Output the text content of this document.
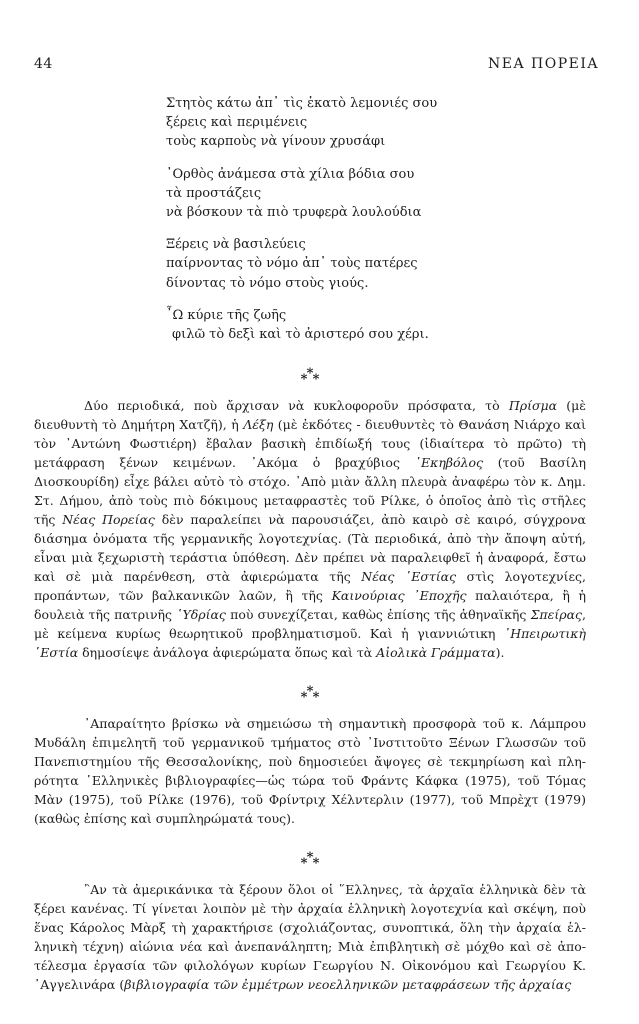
44	ΝΕΑ ΠΟΡΕΙΑ
Στητὸς κάτω ἀπ᾽ τὶς ἑκατὸ λεμονιές σου
ξέρεις καὶ περιμένεις
τοὺς καρποὺς νὰ γίνουν χρυσάφι
᾽Ορθὸς ἀνάμεσα στὰ χίλια βόδια σου
τὰ προστάζεις
νὰ βόσκουν τὰ πιὸ τρυφερὰ λουλούδια
Ξέρεις νὰ βασιλεύεις
παίρνοντας τὸ νόμο ἀπ᾽ τοὺς πατέρες
δίνοντας τὸ νόμο στοὺς γιούς.
῏Ω κύριε τῆς ζωῆς
φιλῶ τὸ δεξὶ καὶ τὸ ἀριστερό σου χέρι.
* * *

Δύο περιοδικά, ποὺ ἄρχισαν νὰ κυκλοφοροῦν πρόσφατα, τὸ Πρίσμα (μὲ διευθυντὴ τὸ Δημήτρη Χατζῆ), ἡ Λέξη (μὲ ἐκδότες - διευθυντὲς τὸ Θανάση Νιάρχο καὶ τὸν ᾽Αντώνη Φωστιέρη) ἔβαλαν βασικὴ ἐπιδίωξή τους (ἰδιαίτερα τὸ πρῶτο) τὴ μετάφραση ξένων κειμένων. ᾽Ακόμα ὁ βραχύβιος ῾Εκηβόλος (τοῦ Βασίλη Διοσκουρίδη) εἶχε βάλει αὐτὸ τὸ στόχο. ᾽Απὸ μιὰν ἄλλη πλευρὰ ἀναφέρω τὸν κ. Δημ. Στ. Δήμου, ἀπὸ τοὺς πιὸ δόκιμους μεταφραστὲς τοῦ Ρίλκε, ὁ ὁποῖος ἀπὸ τὶς στῆλες τῆς Νέας Πορείας δὲν παραλείπει νὰ παρουσιάζει, ἀπὸ καιρὸ σὲ καιρό, σύγχρονα διάσημα ὀνόματα τῆς γερμανικῆς λογοτεχνίας. (Τὰ περιοδικά, ἀπὸ τὴν ἄποψη αὐτή, εἶναι μιὰ ξεχωριστὴ τεράστια ὑπόθεση. Δὲν πρέπει νὰ παραλειφθεῖ ἡ ἀναφορά, ἔστω καὶ σὲ μιὰ παρένθεση, στὰ ἀφιερώματα τῆς Νέας ῾Εστίας στὶς λογοτεχνίες, προπάντων, τῶν βαλκανικῶν λαῶν, ἢ τῆς Καινούριας ᾽Εποχῆς παλαιότερα, ἢ ἡ δουλειὰ τῆς πατρινῆς ῾Υδρίας ποὺ συνεχίζεται, καθὼς ἐπίσης τῆς ἀθηναϊκῆς Σπείρας, μὲ κείμενα κυρίως θεωρητικοῦ προβληματισμοῦ. Καὶ ἡ γιαννιώτικη ᾽Ηπειρωτικὴ ῾Εστία δημοσίεψε ἀνάλογα ἀφιερώματα ὅπως καὶ τὰ Αἰολικὰ Γράμματα).

* * *

᾽Απαραίτητο βρίσκω νὰ σημειώσω τὴ σημαντικὴ προσφορὰ τοῦ κ. Λάμπρου Μυδάλη ἐπιμελητῆ τοῦ γερμανικοῦ τμήματος στὸ ᾽Ινστιτοῦτο Ξένων Γλωσσῶν τοῦ Πανεπιστημίου τῆς Θεσσαλονίκης, ποὺ δημοσιεύει ἄψογες σὲ τεκμηρίωση καὶ πληρότητα ῾Ελληνικὲς βιβλιογραφίες—ὡς τώρα τοῦ Φράντς Κάφκα (1975), τοῦ Τόμας Μὰν (1975), τοῦ Ρίλκε (1976), τοῦ Φρίντριχ Χέλντερλιν (1977), τοῦ Μπρὲχτ (1979) (καθὼς ἐπίσης καὶ συμπληρώματά τους).

* * *

῍Αν τὰ ἀμερικάνικα τὰ ξέρουν ὅλοι οἱ ῞Ελληνες, τὰ ἀρχαῖα ἑλληνικὰ δὲν τὰ ξέρει κανένας. Τί γίνεται λοιπὸν μὲ τὴν ἀρχαία ἑλληνικὴ λογοτεχνία καὶ σκέψη, ποὺ ἕνας Κάρολος Μὰρξ τὴ χαρακτήρισε (σχολιάζοντας, συνοπτικά, ὅλη τὴν ἀρχαία ἑλληνικὴ τέχνη) αἰώνια νέα καὶ ἀνεπανάληπτη; Μιὰ ἐπιβλητικὴ σὲ μόχθο καὶ σὲ ἀποτέλεσμα ἐργασία τῶν φιλολόγων κυρίων Γεωργίου Ν. Οἰκονόμου καὶ Γεωργίου Κ. ᾽Αγγελινάρα (βιβλιογραφία τῶν ἐμμέτρων νεοελληνικῶν μεταφράσεων τῆς ἀρχαίας
